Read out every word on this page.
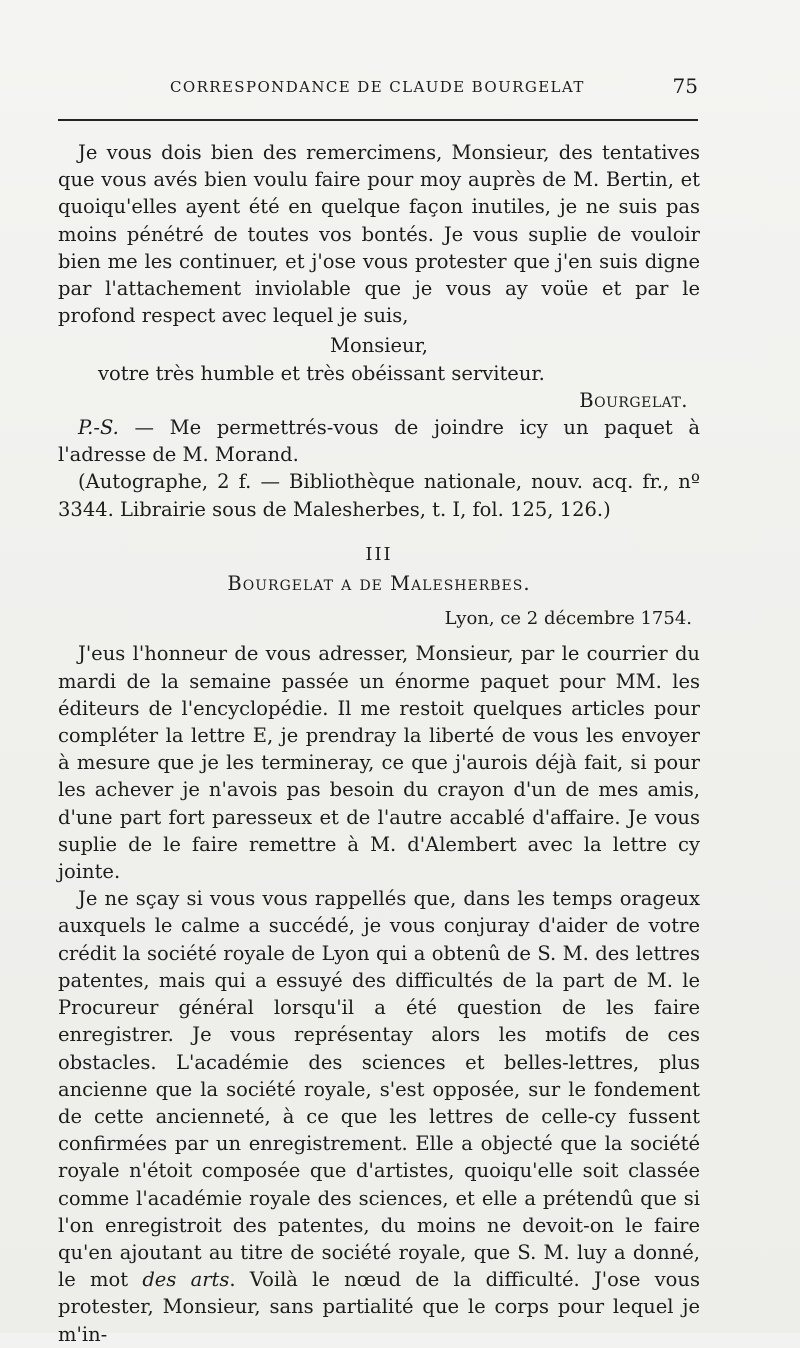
CORRESPONDANCE DE CLAUDE BOURGELAT	75

Je vous dois bien des remercimens, Monsieur, des tentatives que vous avés bien voulu faire pour moy auprès de M. Bertin, et quoiqu'elles ayent été en quelque façon inutiles, je ne suis pas moins pénétré de toutes vos bontés. Je vous suplie de vouloir bien me les continuer, et j'ose vous protester que j'en suis digne par l'attachement inviolable que je vous ay voüe et par le profond respect avec lequel je suis,

Monsieur,

votre très humble et très obéissant serviteur.

Bourgelat.

P.-S. — Me permettrés-vous de joindre icy un paquet à l'adresse de M. Morand.

(Autographe, 2 f. — Bibliothèque nationale, nouv. acq. fr., nº 3344. Librairie sous de Malesherbes, t. I, fol. 125, 126.)

III

Bourgelat a de Malesherbes.

Lyon, ce 2 décembre 1754.

J'eus l'honneur de vous adresser, Monsieur, par le courrier du mardi de la semaine passée un énorme paquet pour MM. les éditeurs de l'encyclopédie. Il me restoit quelques articles pour compléter la lettre E, je prendray la liberté de vous les envoyer à mesure que je les termineray, ce que j'aurois déjà fait, si pour les achever je n'avois pas besoin du crayon d'un de mes amis, d'une part fort paresseux et de l'autre accablé d'affaire. Je vous suplie de le faire remettre à M. d'Alembert avec la lettre cy jointe.

Je ne sçay si vous vous rappellés que, dans les temps orageux auxquels le calme a succédé, je vous conjuray d'aider de votre crédit la société royale de Lyon qui a obtenû de S. M. des lettres patentes, mais qui a essuyé des difficultés de la part de M. le Procureur général lorsqu'il a été question de les faire enregistrer. Je vous représentay alors les motifs de ces obstacles. L'académie des sciences et belles-lettres, plus ancienne que la société royale, s'est opposée, sur le fondement de cette ancienneté, à ce que les lettres de celle-cy fussent confirmées par un enregistrement. Elle a objecté que la société royale n'étoit composée que d'artistes, quoiqu'elle soit classée comme l'académie royale des sciences, et elle a prétendû que si l'on enregistroit des patentes, du moins ne devoit-on le faire qu'en ajoutant au titre de société royale, que S. M. luy a donné, le mot des arts. Voilà le nœud de la difficulté. J'ose vous protester, Monsieur, sans partialité que le corps pour lequel je m'in-
